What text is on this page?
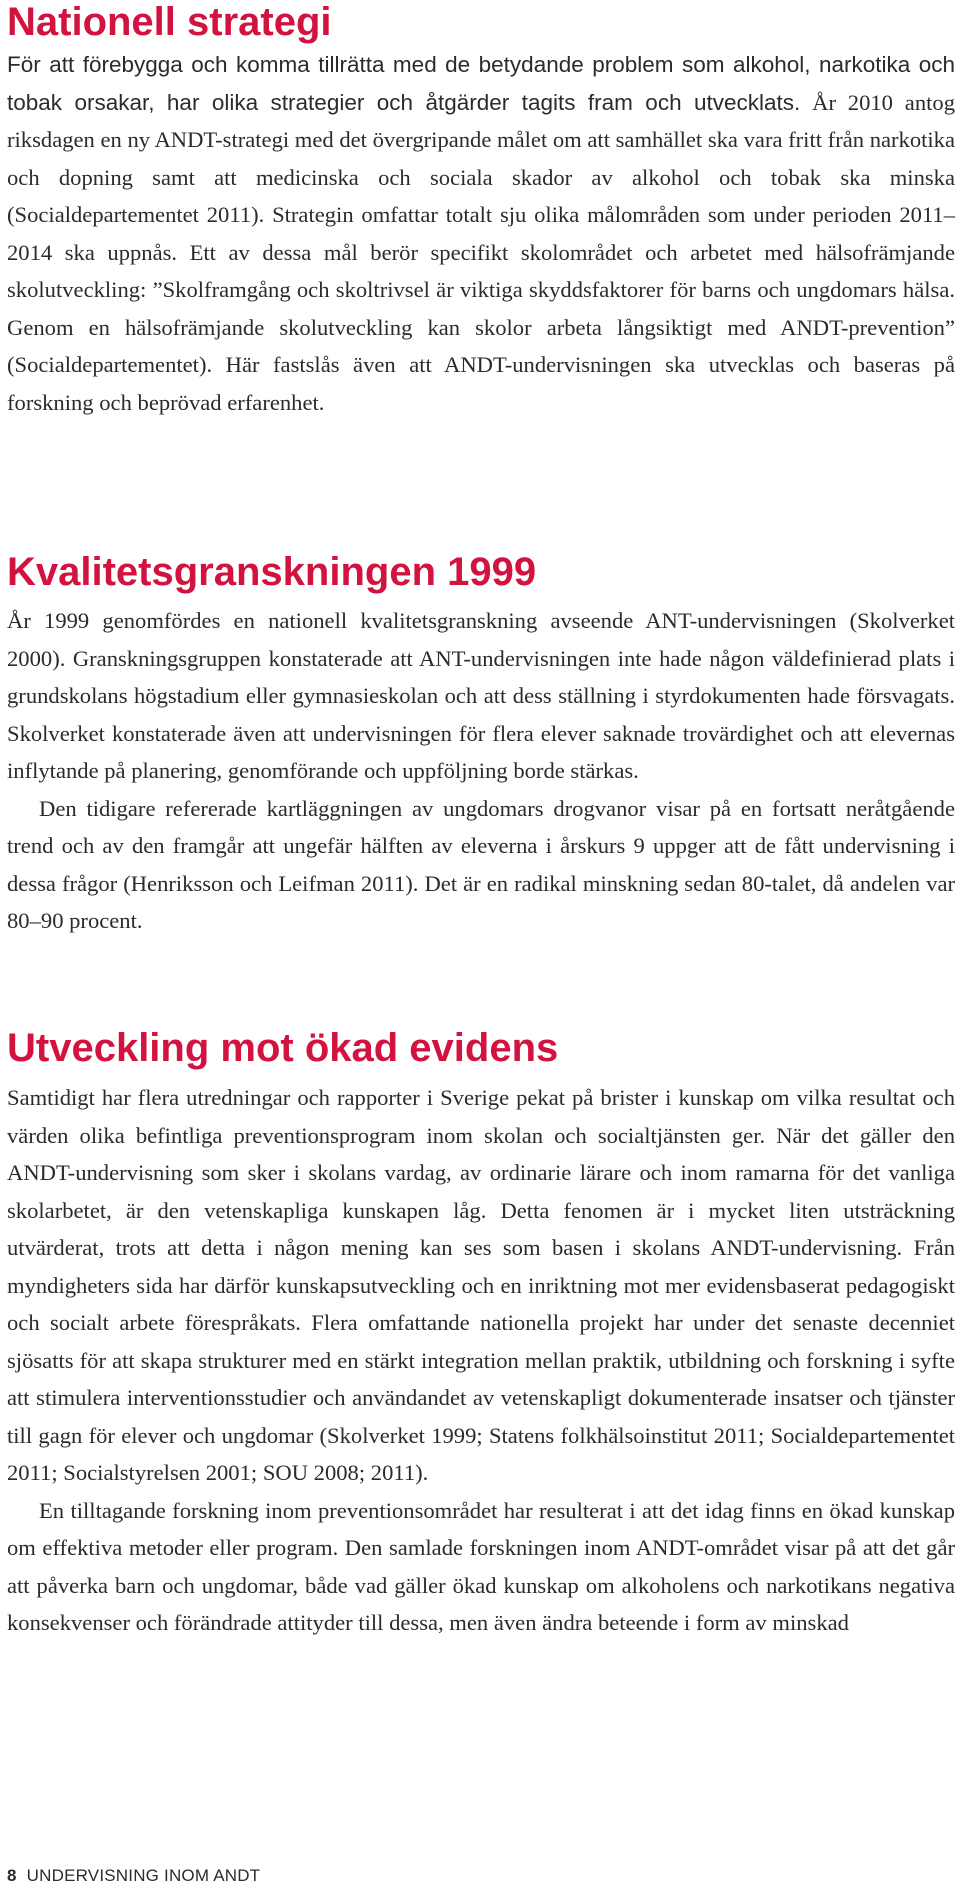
Nationell strategi

För att förebygga och komma tillrätta med de betydande problem som alkohol, narkotika och tobak orsakar, har olika strategier och åtgärder tagits fram och utvecklats. År 2010 antog riksdagen en ny ANDT-strategi med det övergripande målet om att samhället ska vara fritt från narkotika och dopning samt att medicinska och sociala skador av alkohol och tobak ska minska (Socialdepartementet 2011). Strategin omfattar totalt sju olika målområden som under perioden 2011–2014 ska uppnås. Ett av dessa mål berör specifikt skolområdet och arbetet med hälsofrämjande skolutveckling: ”Skolframgång och skoltrivsel är viktiga skyddsfaktorer för barns och ungdomars hälsa. Genom en hälsofrämjande skolutveckling kan skolor arbeta långsiktigt med ANDT-prevention” (Socialdepartementet). Här fastslås även att ANDT-undervisningen ska utvecklas och baseras på forskning och beprövad erfarenhet.

Kvalitetsgranskningen 1999

År 1999 genomfördes en nationell kvalitetsgranskning avseende ANT-undervisningen (Skolverket 2000). Granskningsgruppen konstaterade att ANT-undervisningen inte hade någon väldefinierad plats i grundskolans högstadium eller gymnasieskolan och att dess ställning i styrdokumenten hade försvagats. Skolverket konstaterade även att undervisningen för flera elever saknade trovärdighet och att elevernas inflytande på planering, genomförande och uppföljning borde stärkas.

Den tidigare refererade kartläggningen av ungdomars drogvanor visar på en fortsatt neråtgående trend och av den framgår att ungefär hälften av eleverna i årskurs 9 uppger att de fått undervisning i dessa frågor (Henriksson och Leifman 2011). Det är en radikal minskning sedan 80-talet, då andelen var 80–90 procent.

Utveckling mot ökad evidens

Samtidigt har flera utredningar och rapporter i Sverige pekat på brister i kunskap om vilka resultat och värden olika befintliga preventionsprogram inom skolan och socialtjänsten ger. När det gäller den ANDT-undervisning som sker i skolans vardag, av ordinarie lärare och inom ramarna för det vanliga skolarbetet, är den vetenskapliga kunskapen låg. Detta fenomen är i mycket liten utsträckning utvärderat, trots att detta i någon mening kan ses som basen i skolans ANDT-undervisning. Från myndigheters sida har därför kunskapsutveckling och en inriktning mot mer evidensbaserat pedagogiskt och socialt arbete förespråkats. Flera omfattande nationella projekt har under det senaste decenniet sjösatts för att skapa strukturer med en stärkt integration mellan praktik, utbildning och forskning i syfte att stimulera interventionsstudier och användandet av vetenskapligt dokumenterade insatser och tjänster till gagn för elever och ungdomar (Skolverket 1999; Statens folkhälsoinstitut 2011; Socialdepartementet 2011; Socialstyrelsen 2001; SOU 2008; 2011).

En tilltagande forskning inom preventionsområdet har resulterat i att det idag finns en ökad kunskap om effektiva metoder eller program. Den samlade forskningen inom ANDT-området visar på att det går att påverka barn och ungdomar, både vad gäller ökad kunskap om alkoholens och narkotikans negativa konsekvenser och förändrade attityder till dessa, men även ändra beteende i form av minskad

8 UNDERVISNING INOM ANDT
